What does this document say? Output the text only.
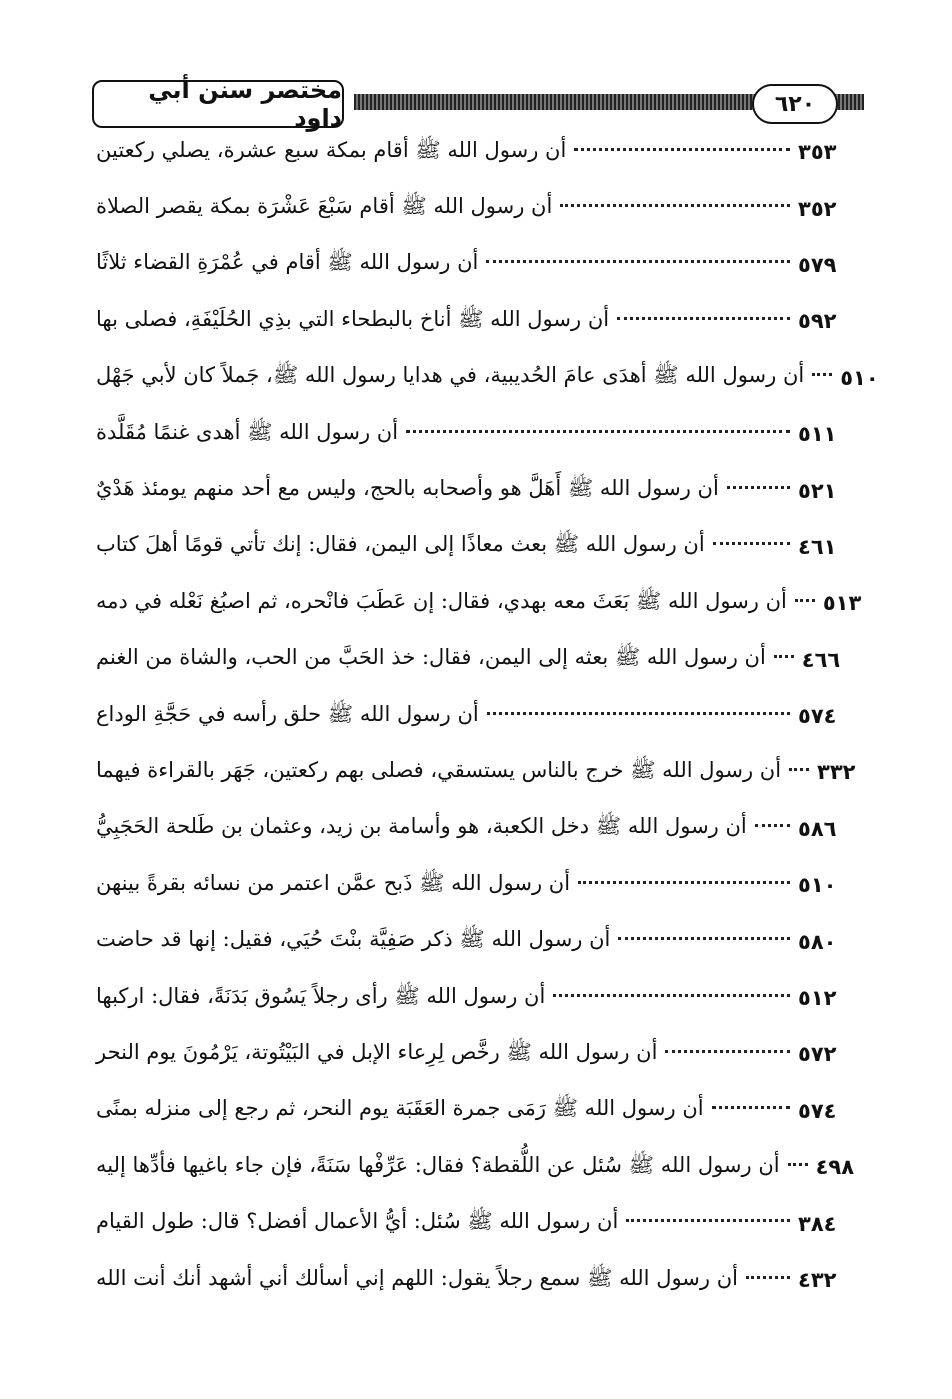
مختصر سنن أبي داود	٦٢٠
أن رسول الله ﷺ أقام بمكة سبع عشرة، يصلي ركعتين	٣٥٣
أن رسول الله ﷺ أقام سَبْعَ عَشْرَة بمكة يقصر الصلاة	٣٥٢
أن رسول الله ﷺ أقام في عُمْرَةِ القضاء ثلاثًا	٥٧٩
أن رسول الله ﷺ أناخ بالبطحاء التي بذِي الحُلَيْفَةِ، فصلى بها	٥٩٢
أن رسول الله ﷺ أهدَى عامَ الحُديبية، في هدايا رسول الله ﷺ، جَملاً كان لأبي جَهْل ٥١٠
أن رسول الله ﷺ أهدى غنمًا مُقَلَّدة	٥١١
أن رسول الله ﷺ أَهَلَّ هو وأصحابه بالحج، وليس مع أحد منهم يومئذ هَدْيٌ	٥٢١
أن رسول الله ﷺ بعث معاذًا إلى اليمن، فقال: إنك تأتي قومًا أهلَ كتاب	٤٦١
أن رسول الله ﷺ بَعَثَ معه بهدي، فقال: إن عَطَبَ فانْحره، ثم اصبُغ نَعْله في دمه ٥١٣
أن رسول الله ﷺ بعثه إلى اليمن، فقال: خذ الحَبَّ من الحب، والشاة من الغنم ٤٦٦
أن رسول الله ﷺ حلق رأسه في حَجَّةِ الوداع	٥٧٤
أن رسول الله ﷺ خرج بالناس يستسقي، فصلى بهم ركعتين، جَهَر بالقراءة فيهما ٣٣٢
أن رسول الله ﷺ دخل الكعبة، هو وأسامة بن زيد، وعثمان بن طَلحة الحَجَبِيُّ ٥٨٦
أن رسول الله ﷺ ذَبح عمَّن اعتمر من نسائه بقرةً بينهن	٥١٠
أن رسول الله ﷺ ذكر صَفِيَّة بنْتَ حُيَي، فقيل: إنها قد حاضت	٥٨٠
أن رسول الله ﷺ رأى رجلاً يَسُوق بَدَنَةً، فقال: اركبها	٥١٢
أن رسول الله ﷺ رخَّص لِرِعاء الإبل في البَيْتُوتة، يَرْمُونَ يوم النحر	٥٧٢
أن رسول الله ﷺ رَمَى جمرة العَقَبَة يوم النحر، ثم رجع إلى منزله بمنًى	٥٧٤
أن رسول الله ﷺ سُئل عن اللُّقطة؟ فقال: عَرِّفْها سَنَةً، فإن جاء باغيها فأدِّها إليه ٤٩٨
أن رسول الله ﷺ سُئل: أيُّ الأعمال أفضل؟ قال: طول القيام	٣٨٤
أن رسول الله ﷺ سمع رجلاً يقول: اللهم إني أسألك أني أشهد أنك أنت الله	٤٣٢
